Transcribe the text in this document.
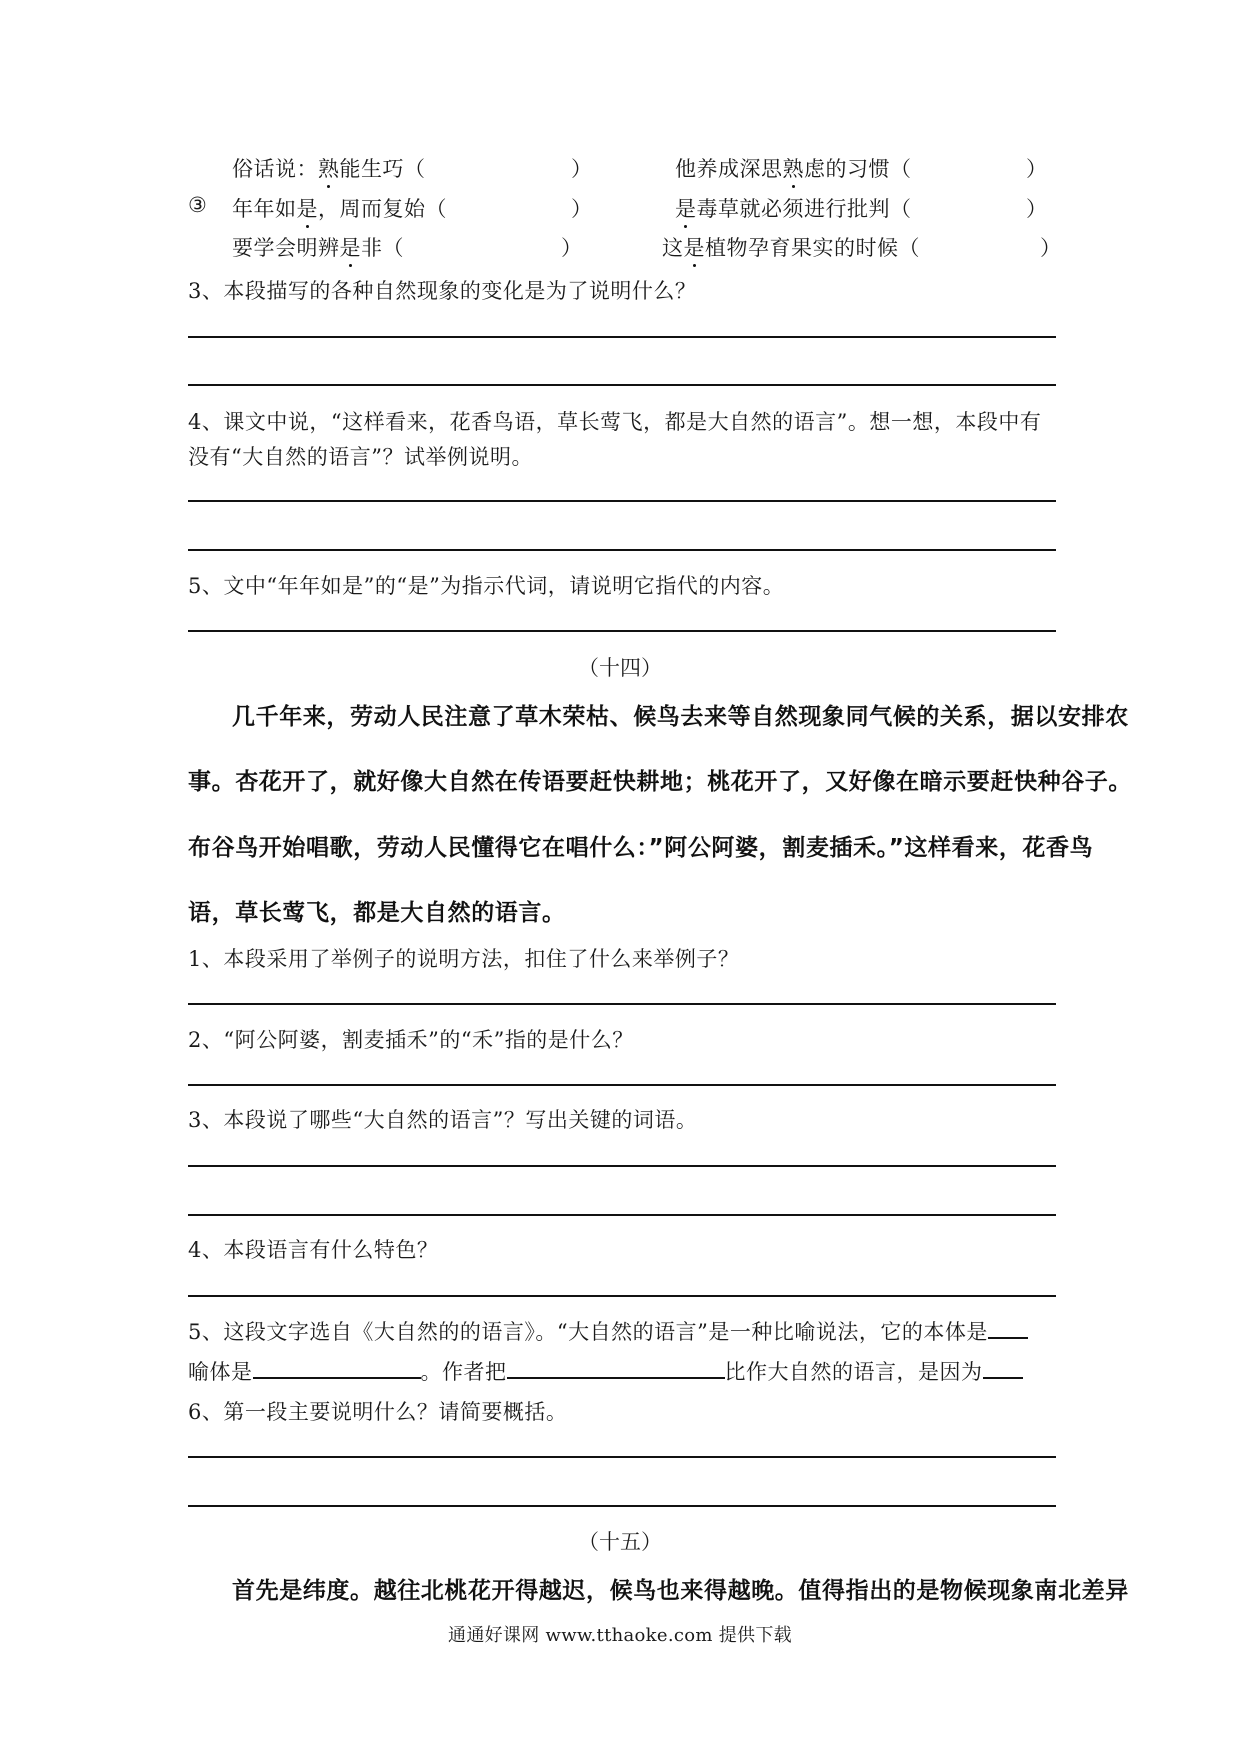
③
俗话说：熟能生巧（	）	他养成深思熟虑的习惯（	）
年年如是，周而复始（	）	是毒草就必须进行批判（	）
要学会明辨是非（	）	这是植物孕育果实的时候（	）
3、本段描写的各种自然现象的变化是为了说明什么？
4、课文中说，“这样看来，花香鸟语，草长莺飞，都是大自然的语言”。想一想，本段中有
没有“大自然的语言”？试举例说明。
5、文中“年年如是”的“是”为指示代词，请说明它指代的内容。
（十四）
几千年来，劳动人民注意了草木荣枯、候鸟去来等自然现象同气候的关系，据以安排农
事。杏花开了，就好像大自然在传语要赶快耕地；桃花开了，又好像在暗示要赶快种谷子。
布谷鸟开始唱歌，劳动人民懂得它在唱什么：”阿公阿婆，割麦插禾。”这样看来，花香鸟
语，草长莺飞，都是大自然的语言。
1、本段采用了举例子的说明方法，扣住了什么来举例子？
2、“阿公阿婆，割麦插禾”的“禾”指的是什么？
3、本段说了哪些“大自然的语言”？写出关键的词语。
4、本段语言有什么特色？
5、这段文字选自《大自然的的语言》。“大自然的语言”是一种比喻说法，它的本体是
喻体是	。作者把	比作大自然的语言，是因为
6、第一段主要说明什么？请简要概括。
（十五）
首先是纬度。越往北桃花开得越迟，候鸟也来得越晚。值得指出的是物候现象南北差异
通通好课网 www.tthaoke.com 提供下载
